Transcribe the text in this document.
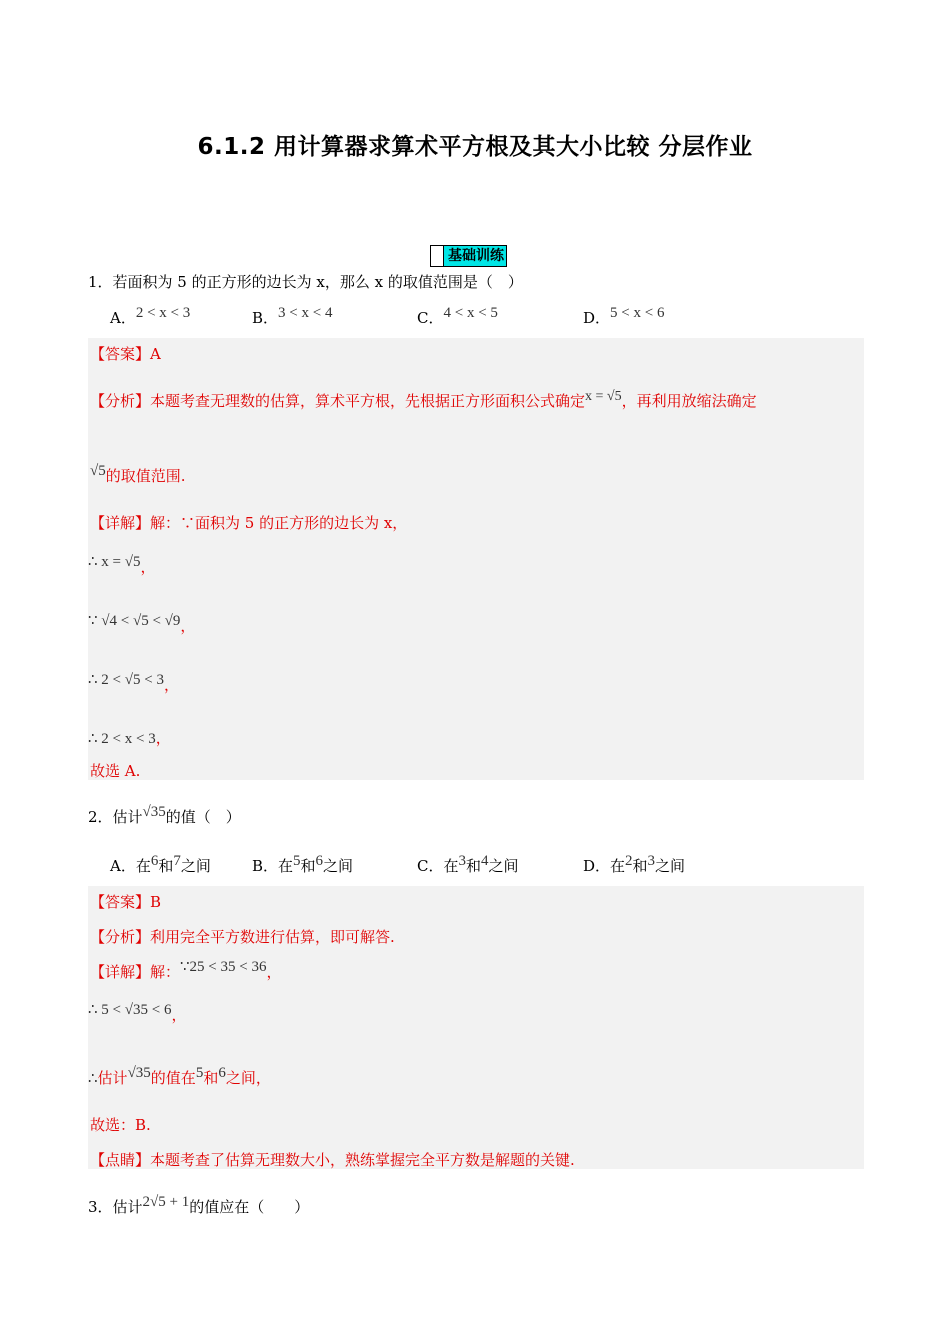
6.1.2 用计算器求算术平方根及其大小比较 分层作业
基础训练
1．若面积为 5 的正方形的边长为 x，那么 x 的取值范围是（　）
A．2 < x < 3	B．3 < x < 4	C．4 < x < 5	D．5 < x < 6
【答案】A
【分析】本题考查无理数的估算，算术平方根，先根据正方形面积公式确定x = √5，再利用放缩法确定
√5的取值范围.
【详解】解：∵面积为 5 的正方形的边长为 x，
∴ x = √5，
∵ √4 < √5 < √9，
∴ 2 < √5 < 3，
∴ 2 < x < 3，
故选 A.
2．估计√35的值（　）
A．在6和7之间	B．在5和6之间	C．在3和4之间	D．在2和3之间
【答案】B
【分析】利用完全平方数进行估算，即可解答.
【详解】解：∵25 < 35 < 36，
∴ 5 < √35 < 6，
∴估计√35的值在5和6之间，
故选：B.
【点睛】本题考查了估算无理数大小，熟练掌握完全平方数是解题的关键.
3．估计2√5 + 1的值应在（　　）
